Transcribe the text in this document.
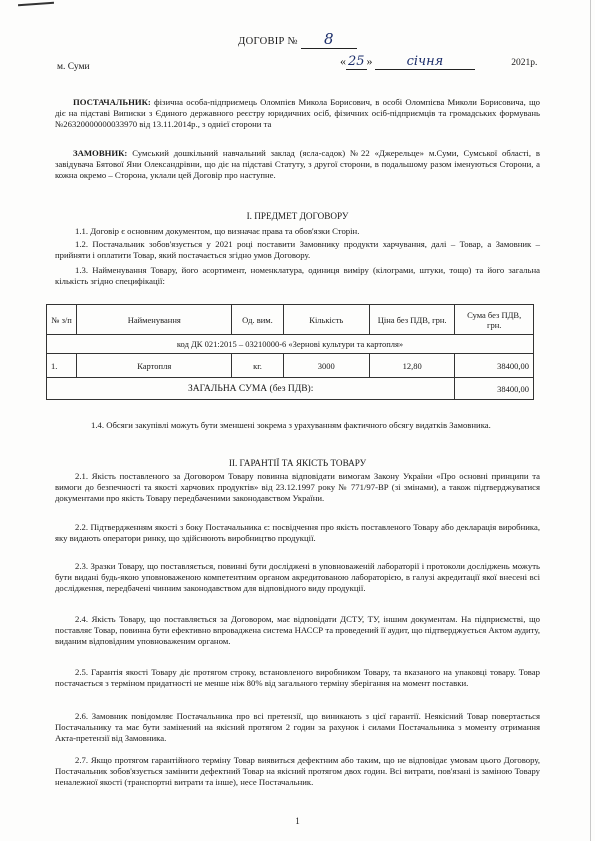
ДОГОВІР № 8
м. Суми	« 25 »	січня	2021р.
ПОСТАЧАЛЬНИК: фізична особа-підприємець Оломпієв Микола Борисович, в особі Оломпієва Миколи Борисовича, що діє на підставі Виписки з Єдиного державного реєстру юридичних осіб, фізичних осіб-підприємців та громадських формувань №26320000000033970 від 13.11.2014р., з однієї сторони та
ЗАМОВНИК: Сумський дошкільний навчальний заклад (ясла-садок) №22 «Джерельце» м.Суми, Сумської області, в завідувача Бятової Яни Олександрівни, що діє на підставі Статуту, з другої сторони, в подальшому разом іменуються Сторони, а кожна окремо – Сторона, уклали цей Договір про наступне.
І. ПРЕДМЕТ ДОГОВОРУ
1.1. Договір є основним документом, що визначає права та обов'язки Сторін.
1.2. Постачальник зобов'язується у 2021 році поставити Замовнику продукти харчування, далі – Товар, а Замовник – прийняти і оплатити Товар, який постачається згідно умов Договору.
1.3. Найменування Товару, його асортимент, номенклатура, одиниця виміру (кілограми, штуки, тощо) та його загальна кількість згідно специфікації:
№ з/п	Найменування	Од. вим.	Кількість	Ціна без ПДВ, грн.	Сума без ПДВ, грн.
код ДК 021:2015 – 03210000-6 «Зернові культури та картопля»					
1.	Картопля	кг.	3000	12,80	38400,00
ЗАГАЛЬНА СУМА (без ПДВ):					38400,00
1.4. Обсяги закупівлі можуть бути зменшені зокрема з урахуванням фактичного обсягу видатків Замовника.
ІІ. ГАРАНТІЇ ТА ЯКІСТЬ ТОВАРУ
2.1. Якість поставленого за Договором Товару повинна відповідати вимогам Закону України «Про основні принципи та вимоги до безпечності та якості харчових продуктів» від 23.12.1997 року № 771/97-ВР (зі змінами), а також підтверджуватися документами про якість Товару передбаченими законодавством України.
2.2. Підтвердженням якості з боку Постачальника є: посвідчення про якість поставленого Товару або декларація виробника, яку видають оператори ринку, що здійснюють виробництво продукції.
2.3. Зразки Товару, що поставляється, повинні бути досліджені в уповноваженій лабораторії і протоколи досліджень можуть бути видані будь-якою уповноваженою компетентним органом акредитованою лабораторією, в галузі акредитації якої внесені всі дослідження, передбачені чинним законодавством для відповідного виду продукції.
2.4. Якість Товару, що поставляється за Договором, має відповідати ДСТУ, ТУ, іншим документам. На підприємстві, що поставляє Товар, повинна бути ефективно впроваджена система НАССР та проведений її аудит, що підтверджується Актом аудиту, виданим відповідним уповноваженим органом.
2.5. Гарантія якості Товару діє протягом строку, встановленого виробником Товару, та вказаного на упаковці товару. Товар постачається з терміном придатності не менше ніж 80% від загального терміну зберігання на момент поставки.
2.6. Замовник повідомляє Постачальника про всі претензії, що виникають з цієї гарантії. Неякісний Товар повертається Постачальнику та має бути замінений на якісний протягом 2 годин за рахунок і силами Постачальника з моменту отримання Акта-претензії від Замовника.
2.7. Якщо протягом гарантійного терміну Товар виявиться дефектним або таким, що не відповідає умовам цього Договору, Постачальник зобов'язується замінити дефектний Товар на якісний протягом двох годин. Всі витрати, пов'язані із заміною Товару неналежної якості (транспортні витрати та інше), несе Постачальник.
1
